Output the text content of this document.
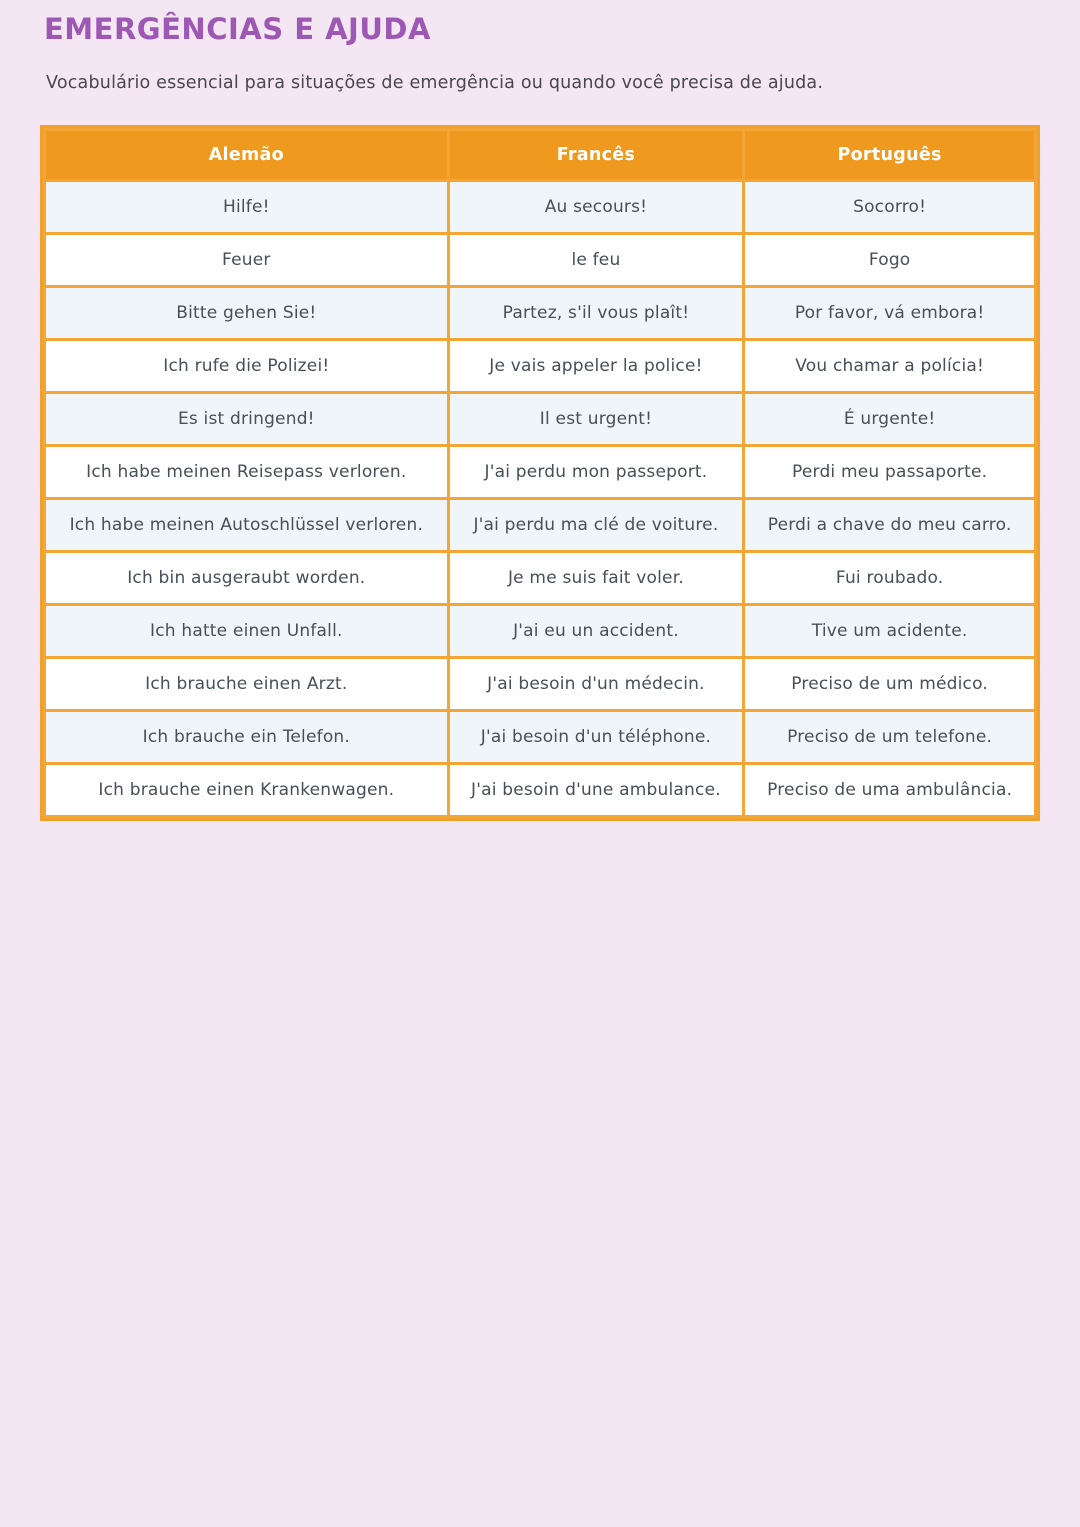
EMERGÊNCIAS E AJUDA

Vocabulário essencial para situações de emergência ou quando você precisa de ajuda.

Alemão	Francês	Português
Hilfe!	Au secours!	Socorro!
Feuer	le feu	Fogo
Bitte gehen Sie!	Partez, s'il vous plaît!	Por favor, vá embora!
Ich rufe die Polizei!	Je vais appeler la police!	Vou chamar a polícia!
Es ist dringend!	Il est urgent!	É urgente!
Ich habe meinen Reisepass verloren.	J'ai perdu mon passeport.	Perdi meu passaporte.
Ich habe meinen Autoschlüssel verloren.	J'ai perdu ma clé de voiture.	Perdi a chave do meu carro.
Ich bin ausgeraubt worden.	Je me suis fait voler.	Fui roubado.
Ich hatte einen Unfall.	J'ai eu un accident.	Tive um acidente.
Ich brauche einen Arzt.	J'ai besoin d'un médecin.	Preciso de um médico.
Ich brauche ein Telefon.	J'ai besoin d'un téléphone.	Preciso de um telefone.
Ich brauche einen Krankenwagen.	J'ai besoin d'une ambulance.	Preciso de uma ambulância.
